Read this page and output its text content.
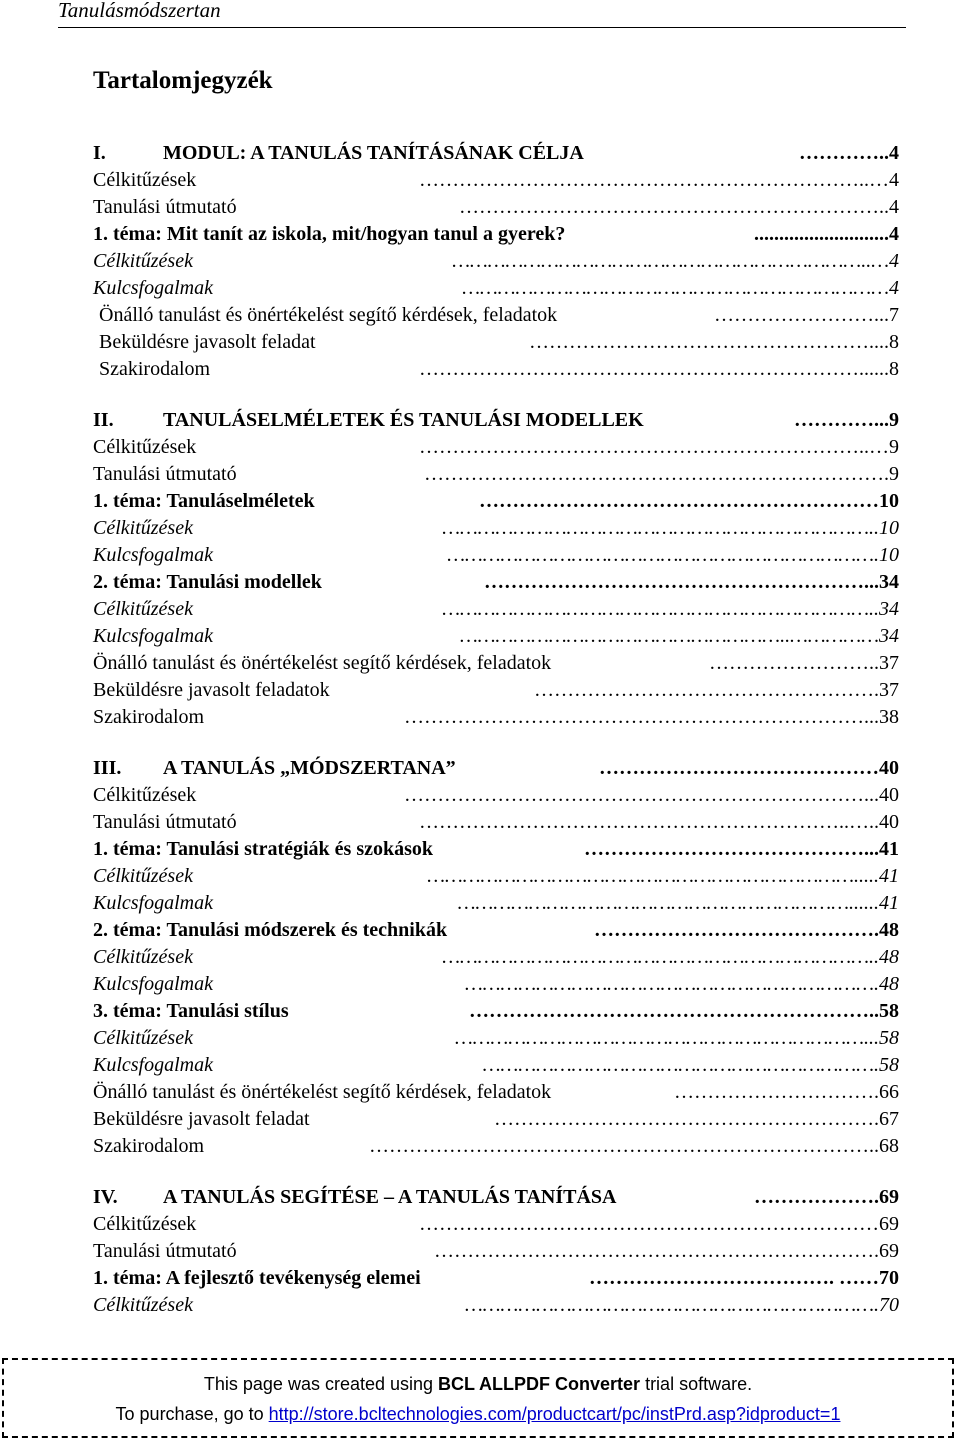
Tanulásmódszertan
Tartalomjegyzék
I.	MODUL: A TANULÁS TANÍTÁSÁNAK CÉLJA	………….. 4
Célkitűzések	…………………………………………………………..… 4
Tanulási útmutató	……………………………………………………….. 4
1. téma: Mit tanít az iskola, mit/hogyan tanul a gyerek?	........................... 4
Célkitűzések	……………………………………………………………..… 4
Kulcsfogalmak	……………………………………………………………… 4
Önálló tanulást és önértékelést segítő kérdések, feladatok	……………………... 7
Beküldésre javasolt feladat	…………………………………………….... 8
Szakirodalom	…………………………………………………………...... 8
II. TANULÁSELMÉLETEK ÉS TANULÁSI MODELLEK	…………. ..9
Célkitűzések	…………………………………………………………..… 9
Tanulási útmutató	……………………………………………………………. 9
1. téma: Tanuláselméletek	…………………………………………………… 10
Célkitűzések	……………………………………………………………….. 10
Kulcsfogalmak	………………………………………………………………. 10
2. téma: Tanulási modellek	…………………………………………………... 34
Célkitűzések	……………………………………………………………….. 34
Kulcsfogalmak	………………………………………………..…………… 34
Önálló tanulást és önértékelést segítő kérdések, feladatok	…………………….. 37
Beküldésre javasolt feladatok	……………………………………………. 37
Szakirodalom	……………………………………………………………... 38
III. A TANULÁS „MÓDSZERTANA”	…………………………………… 40
Célkitűzések	……………………………………………………………... 40
Tanulási útmutató	………………………………………………………..….. 40
1. téma: Tanulási stratégiák és szokások	……………………………………... 41
Célkitűzések	………………………………………………………………..... 41
Kulcsfogalmak	…………………………………………………………...... 41
2. téma: Tanulási módszerek és technikák	……………………………………. 48
Célkitűzések	……………………………………………………………….. 48
Kulcsfogalmak	……………………………………………………………. 48
3. téma: Tanulási stílus	…………………………………………………….. 58
Célkitűzések	……………………………………………………………... 58
Kulcsfogalmak	…………………………………………………………. 58
Önálló tanulást és önértékelést segítő kérdések, feladatok	…………………………. 66
Beküldésre javasolt feladat	…………………………………………………. 67
Szakirodalom	………………………………………………………………….. 68
IV. A TANULÁS SEGÍTÉSE – A TANULÁS TANÍTÁSA	………………. 69
Célkitűzések	…………………………………………………………… 69
Tanulási útmutató	…………………………………………………………. 69
1. téma: A fejlesztő tevékenység elemei	………………………………. …… 70
Célkitűzések	……………………………………………………………. 70
This page was created using BCL ALLPDF Converter trial software.
To purchase, go to http://store.bcltechnologies.com/productcart/pc/instPrd.asp?idproduct=1
